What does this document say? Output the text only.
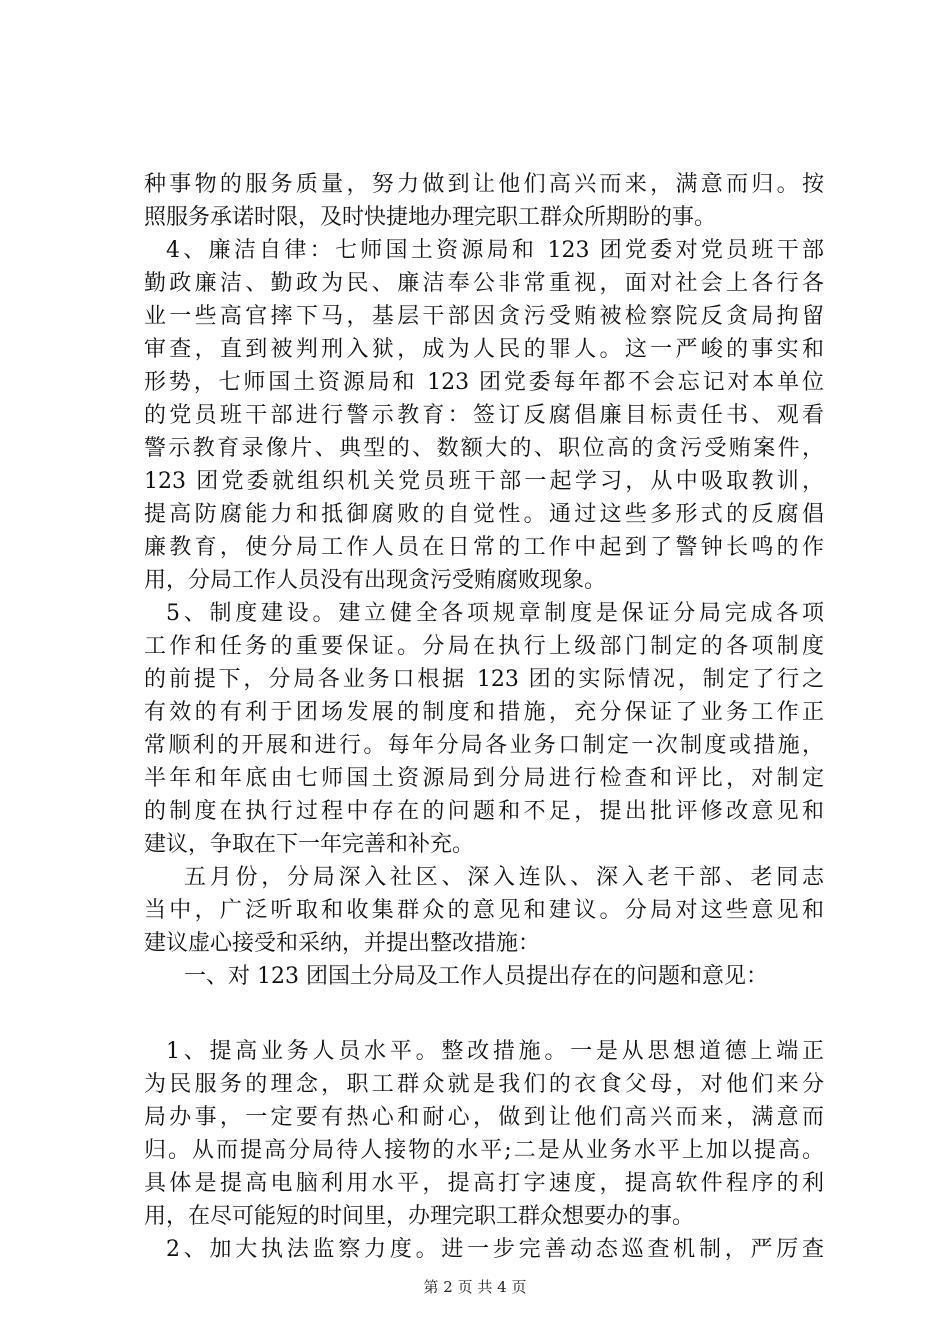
种事物的服务质量，努力做到让他们高兴而来，满意而归。按
照服务承诺时限，及时快捷地办理完职工群众所期盼的事。
4、廉洁自律：七师国土资源局和 123 团党委对党员班干部
勤政廉洁、勤政为民、廉洁奉公非常重视，面对社会上各行各
业一些高官摔下马，基层干部因贪污受贿被检察院反贪局拘留
审查，直到被判刑入狱，成为人民的罪人。这一严峻的事实和
形势，七师国土资源局和 123 团党委每年都不会忘记对本单位
的党员班干部进行警示教育：签订反腐倡廉目标责任书、观看
警示教育录像片、典型的、数额大的、职位高的贪污受贿案件，
123 团党委就组织机关党员班干部一起学习，从中吸取教训，
提高防腐能力和抵御腐败的自觉性。通过这些多形式的反腐倡
廉教育，使分局工作人员在日常的工作中起到了警钟长鸣的作
用，分局工作人员没有出现贪污受贿腐败现象。
5、制度建设。建立健全各项规章制度是保证分局完成各项
工作和任务的重要保证。分局在执行上级部门制定的各项制度
的前提下，分局各业务口根据 123 团的实际情况，制定了行之
有效的有利于团场发展的制度和措施，充分保证了业务工作正
常顺利的开展和进行。每年分局各业务口制定一次制度或措施，
半年和年底由七师国土资源局到分局进行检查和评比，对制定
的制度在执行过程中存在的问题和不足，提出批评修改意见和
建议，争取在下一年完善和补充。
五月份，分局深入社区、深入连队、深入老干部、老同志
当中，广泛听取和收集群众的意见和建议。分局对这些意见和
建议虚心接受和采纳，并提出整改措施：
一、对 123 团国土分局及工作人员提出存在的问题和意见：
1、提高业务人员水平。整改措施。一是从思想道德上端正
为民服务的理念，职工群众就是我们的衣食父母，对他们来分
局办事，一定要有热心和耐心，做到让他们高兴而来，满意而
归。从而提高分局待人接物的水平;二是从业务水平上加以提高。
具体是提高电脑利用水平，提高打字速度，提高软件程序的利
用，在尽可能短的时间里，办理完职工群众想要办的事。
2、加大执法监察力度。进一步完善动态巡查机制，严厉查
第 2 页 共 4 页
